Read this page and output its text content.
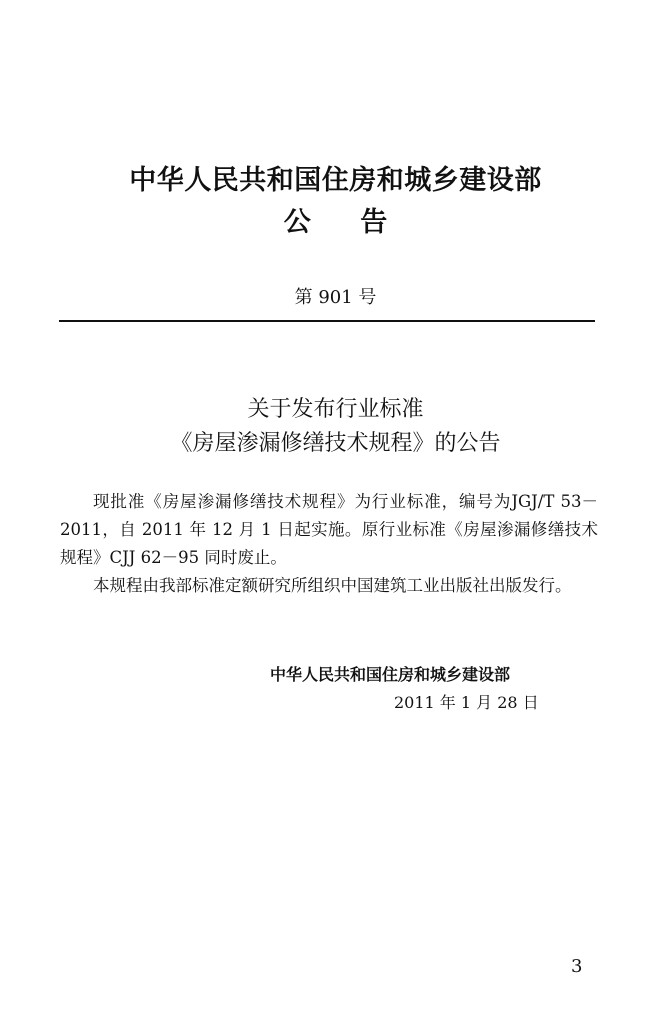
中华人民共和国住房和城乡建设部
公 告
第 901 号
关于发布行业标准
《房屋渗漏修缮技术规程》的公告

现批准《房屋渗漏修缮技术规程》为行业标准，编号为JGJ/T 53－2011，自 2011 年 12 月 1 日起实施。原行业标准《房屋渗漏修缮技术规程》CJJ 62－95 同时废止。

本规程由我部标准定额研究所组织中国建筑工业出版社出版发行。

中华人民共和国住房和城乡建设部
2011 年 1 月 28 日
3
